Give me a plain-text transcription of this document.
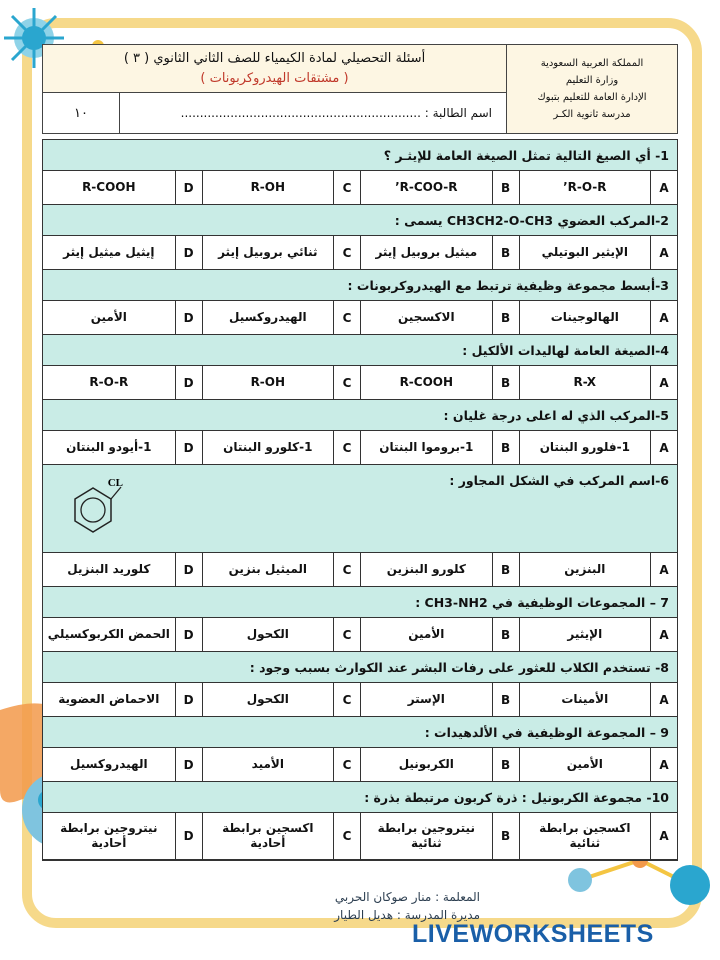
المملكة العربية السعودية
وزارة التعليم
الإدارة العامة للتعليم بتبوك
مدرسة ثانوية الكـر
أسئلة التحصيلي لمادة الكيمياء للصف الثاني الثانوي ( ٣ )
( مشتقات الهيدروكربونات )
اسم الطالبة : ...............................................................
١٠
1- أي الصيغ التالية تمثل الصيغة العامة للإيثـر ؟
A
R-O-R’
B
R-COO-R’
C
R-OH
D
R-COOH
2-المركب العضوي CH3CH2-O-CH3 يسمى :
A
الإيثير البوتيلي
B
ميثيل بروبيل إيثر
C
ثنائي بروبيل إيثر
D
إيثيل ميثيل إيثر
3-أبسط مجموعة وظيفية ترتبط مع الهيدروكربونات :
A
الهالوجينات
B
الاكسجين
C
الهيدروكسيل
D
الأمين
4-الصيغة العامة لهاليدات الألكيل :
A
R-X
B
R-COOH
C
R-OH
D
R-O-R
5-المركب الذي له اعلى درجة غليان :
A
1-فلورو البنتان
B
1-بروموا البنتان
C
1-كلورو البنتان
D
1-أيودو البنتان
6-اسم المركب في الشكل المجاور :
CL
A
البنزين
B
كلورو البنزين
C
الميثيل بنزين
D
كلوريد البنزيل
7 – المجموعات الوظيفية في CH3-NH2 :
A
الإيثير
B
الأمين
C
الكحول
D
الحمض الكربوكسيلي
8- تستخدم الكلاب للعثور على رفات البشر عند الكوارث بسبب وجود :
A
الأمينات
B
الإستر
C
الكحول
D
الاحماض العضوية
9 – المجموعة الوظيفية في الألدهيدات :
A
الأمين
B
الكربونيل
C
الأميد
D
الهيدروكسيل
10- مجموعة الكربونيل : ذرة كربون مرتبطة بذرة :
A
اكسجين برابطة ثنائية
B
نيتروجين برابطة ثنائية
C
اكسجين برابطة أحادية
D
نيتروجين برابطة أحادية
المعلمة : منار صوكان الحربي
مديرة المدرسة : هديل الطيار
LIVEWORKSHEETS
